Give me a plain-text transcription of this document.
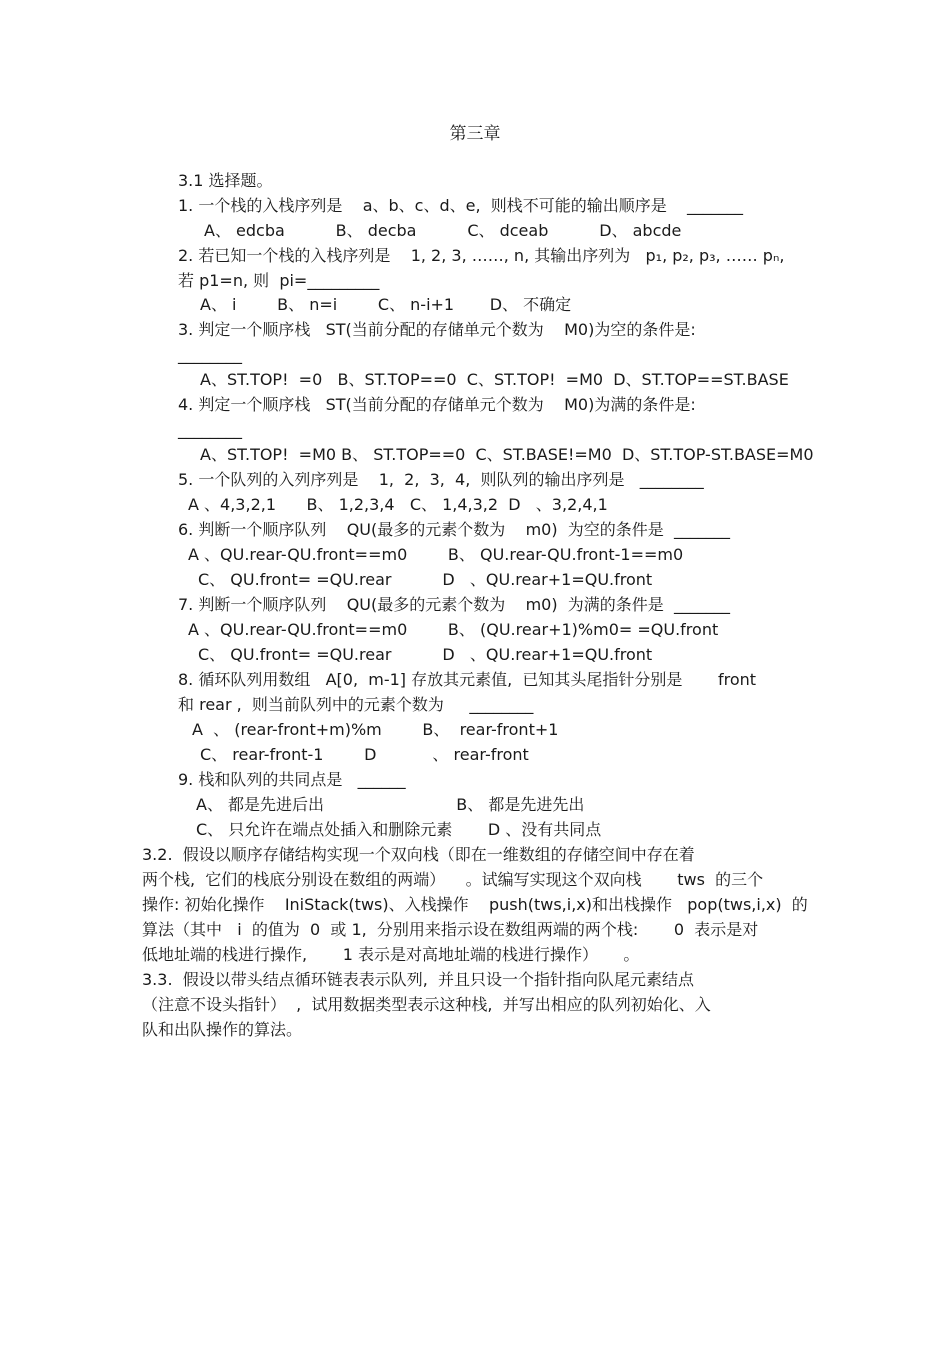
第三章
3.1 选择题。
1. 一个栈的入栈序列是    a、b、c、d、e,  则栈不可能的输出顺序是    _______
A、 edcba          B、 decba          C、 dceab          D、 abcde
2. 若已知一个栈的入栈序列是    1, 2, 3, ……, n, 其输出序列为   p₁, p₂, p₃, …… pₙ,
若 p1=n, 则  pi=_________
A、 i        B、 n=i        C、 n-i+1       D、 不确定
3. 判定一个顺序栈   ST(当前分配的存储单元个数为    M0)为空的条件是:
________
A、ST.TOP!  =0   B、ST.TOP==0  C、ST.TOP!  =M0  D、ST.TOP==ST.BASE
4. 判定一个顺序栈   ST(当前分配的存储单元个数为    M0)为满的条件是:
________
A、ST.TOP!  =M0 B、 ST.TOP==0  C、ST.BASE!=M0  D、ST.TOP-ST.BASE=M0
5. 一个队列的入列序列是    1,  2,  3,  4,  则队列的输出序列是   ________
A 、4,3,2,1      B、 1,2,3,4   C、 1,4,3,2  D   、3,2,4,1
6. 判断一个顺序队列    QU(最多的元素个数为    m0)  为空的条件是  _______
A 、QU.rear-QU.front==m0        B、 QU.rear-QU.front-1==m0
C、 QU.front= =QU.rear          D   、QU.rear+1=QU.front
7. 判断一个顺序队列    QU(最多的元素个数为    m0)  为满的条件是  _______
A 、QU.rear-QU.front==m0        B、 (QU.rear+1)%m0= =QU.front
C、 QU.front= =QU.rear          D   、QU.rear+1=QU.front
8. 循环队列用数组   A[0,  m-1] 存放其元素值,  已知其头尾指针分别是       front
和 rear ,  则当前队列中的元素个数为     ________
A  、 (rear-front+m)%m        B、  rear-front+1
C、 rear-front-1        D           、 rear-front
9. 栈和队列的共同点是   ______
A、 都是先进后出                          B、 都是先进先出
C、 只允许在端点处插入和删除元素       D 、没有共同点
3.2.  假设以顺序存储结构实现一个双向栈（即在一维数组的存储空间中存在着
两个栈,  它们的栈底分别设在数组的两端）    。试编写实现这个双向栈       tws  的三个
操作: 初始化操作    IniStack(tws)、入栈操作    push(tws,i,x)和出栈操作   pop(tws,i,x)  的
算法（其中   i  的值为  0  或 1,  分别用来指示设在数组两端的两个栈:       0  表示是对
低地址端的栈进行操作,       1 表示是对高地址端的栈进行操作）     。
3.3.  假设以带头结点循环链表表示队列,  并且只设一个指针指向队尾元素结点
（注意不设头指针）  ,  试用数据类型表示这种栈,  并写出相应的队列初始化、入
队和出队操作的算法。
